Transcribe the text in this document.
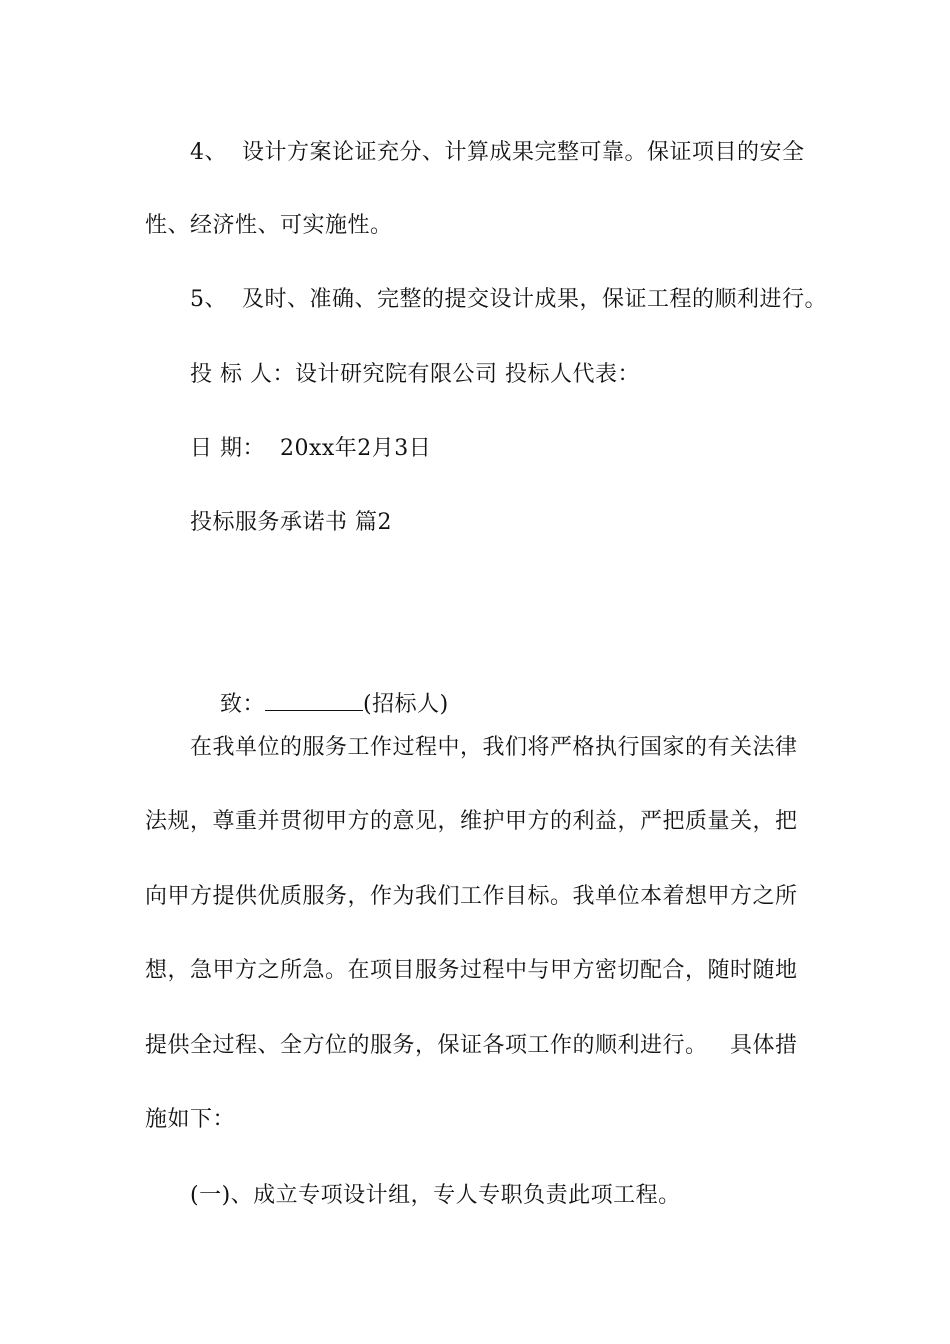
4、  设计方案论证充分、计算成果完整可靠。保证项目的安全
性、经济性、可实施性。
5、  及时、准确、完整的提交设计成果，保证工程的顺利进行。
投 标 人：设计研究院有限公司 投标人代表：
日 期：  20xx年2月3日
投标服务承诺书 篇2

致：	(招标人)

在我单位的服务工作过程中，我们将严格执行国家的有关法律
法规，尊重并贯彻甲方的意见，维护甲方的利益，严把质量关，把
向甲方提供优质服务，作为我们工作目标。我单位本着想甲方之所
想，急甲方之所急。在项目服务过程中与甲方密切配合，随时随地
提供全过程、全方位的服务，保证各项工作的顺利进行。   具体措
施如下：
(一)、成立专项设计组，专人专职负责此项工程。
